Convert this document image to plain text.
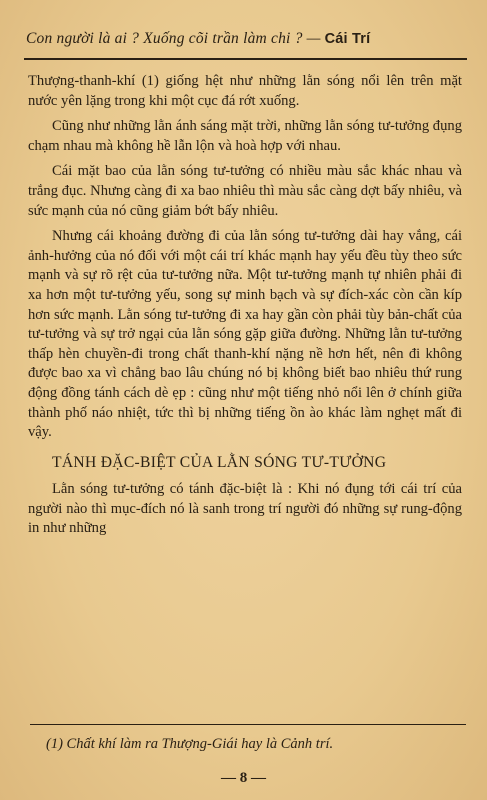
Con người là ai ? Xuống cõi trần làm chi ? — Cái Trí

Thượng-thanh-khí (1) giống hệt như những lằn sóng nổi lên trên mặt nước yên lặng trong khi một cục đá rớt xuống.

Cũng như những lằn ánh sáng mặt trời, những lằn sóng tư-tưởng đụng chạm nhau mà không hề lẫn lộn và hoà hợp với nhau.

Cái mặt bao của lằn sóng tư-tưởng có nhiều màu sắc khác nhau và trắng đục. Nhưng càng đi xa bao nhiêu thì màu sắc càng dợt bấy nhiêu, và sức mạnh của nó cũng giảm bớt bấy nhiêu.

Nhưng cái khoảng đường đi của lằn sóng tư-tưởng dài hay vắng, cái ảnh-hưởng của nó đối với một cái trí khác mạnh hay yếu đều tùy theo sức mạnh và sự rõ rệt của tư-tưởng nữa. Một tư-tưởng mạnh tự nhiên phải đi xa hơn một tư-tưởng yếu, song sự minh bạch và sự đích-xác còn cần kíp hơn sức mạnh. Lằn sóng tư-tưởng đi xa hay gần còn phải tùy bản-chất của tư-tưởng và sự trở ngại của lằn sóng gặp giữa đường. Những lằn tư-tưởng thấp hèn chuyền-đi trong chất thanh-khí nặng nề hơn hết, nên đi không được bao xa vì chẳng bao lâu chúng nó bị không biết bao nhiêu thứ rung động đồng tánh cách dè ẹp : cũng như một tiếng nhỏ nổi lên ở chính giữa thành phố náo nhiệt, tức thì bị những tiếng ồn ào khác làm nghẹt mất đi vậy.

TÁNH ĐẶC-BIỆT CỦA LẰN SÓNG TƯ-TƯỞNG

Lằn sóng tư-tưởng có tánh đặc-biệt là : Khi nó đụng tới cái trí của người nào thì mục-đích nó là sanh trong trí người đó những sự rung-động in như những

(1) Chất khí làm ra Thượng-Giái hay là Cảnh trí.
— 8 —
